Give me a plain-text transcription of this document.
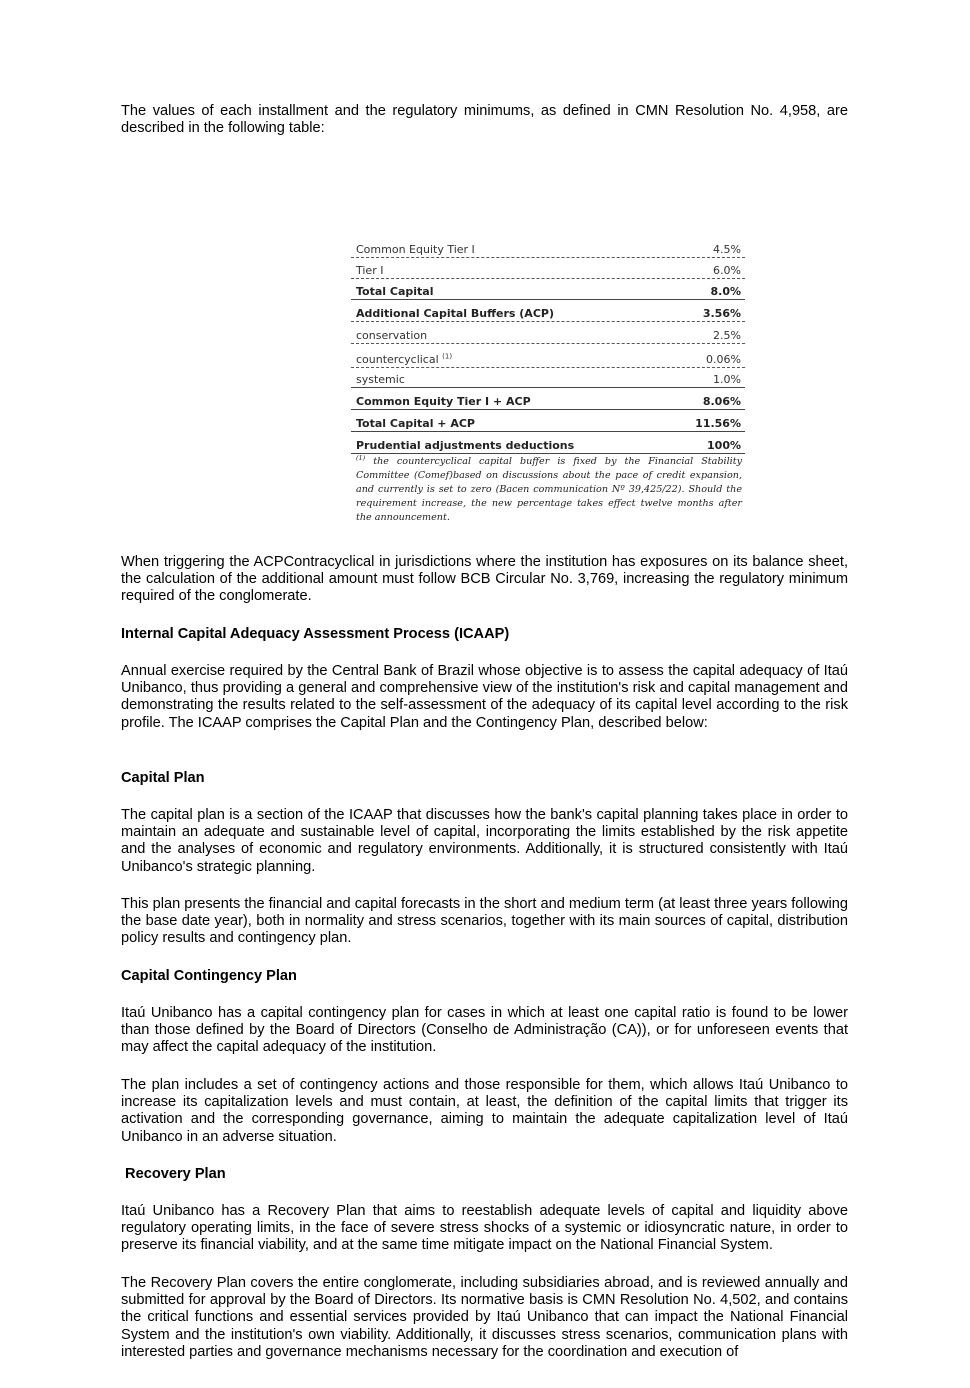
The values of each installment and the regulatory minimums, as defined in CMN Resolution No. 4,958, are described in the following table:

Common Equity Tier I	4.5%
Tier I	6.0%
Total Capital	8.0%
Additional Capital Buffers (ACP)	3.56%
conservation	2.5%
countercyclical $^{(1)}$	0.06%
systemic	1.0%
Common Equity Tier I + ACP	8.06%
Total Capital + ACP	11.56%
Prudential adjustments deductions	100%
$^{(1)}$ the countercyclical capital buffer is fixed by the Financial Stability Committee (Comef)based on discussions about the pace of credit expansion, and currently is set to zero (Bacen communication Nº 39,425/22). Should the requirement increase, the new percentage takes effect twelve months after the announcement.

When triggering the ACPContracyclical in jurisdictions where the institution has exposures on its balance sheet, the calculation of the additional amount must follow BCB Circular No. 3,769, increasing the regulatory minimum required of the conglomerate.

Internal Capital Adequacy Assessment Process (ICAAP)

Annual exercise required by the Central Bank of Brazil whose objective is to assess the capital adequacy of Itaú Unibanco, thus providing a general and comprehensive view of the institution's risk and capital management and demonstrating the results related to the self-assessment of the adequacy of its capital level according to the risk profile. The ICAAP comprises the Capital Plan and the Contingency Plan, described below:

Capital Plan

The capital plan is a section of the ICAAP that discusses how the bank's capital planning takes place in order to maintain an adequate and sustainable level of capital, incorporating the limits established by the risk appetite and the analyses of economic and regulatory environments. Additionally, it is structured consistently with Itaú Unibanco's strategic planning.

This plan presents the financial and capital forecasts in the short and medium term (at least three years following the base date year), both in normality and stress scenarios, together with its main sources of capital, distribution policy results and contingency plan.

Capital Contingency Plan

Itaú Unibanco has a capital contingency plan for cases in which at least one capital ratio is found to be lower than those defined by the Board of Directors (Conselho de Administração (CA)), or for unforeseen events that may affect the capital adequacy of the institution.

The plan includes a set of contingency actions and those responsible for them, which allows Itaú Unibanco to increase its capitalization levels and must contain, at least, the definition of the capital limits that trigger its activation and the corresponding governance, aiming to maintain the adequate capitalization level of Itaú Unibanco in an adverse situation.

Recovery Plan

Itaú Unibanco has a Recovery Plan that aims to reestablish adequate levels of capital and liquidity above regulatory operating limits, in the face of severe stress shocks of a systemic or idiosyncratic nature, in order to preserve its financial viability, and at the same time mitigate impact on the National Financial System.

The Recovery Plan covers the entire conglomerate, including subsidiaries abroad, and is reviewed annually and submitted for approval by the Board of Directors. Its normative basis is CMN Resolution No. 4,502, and contains the critical functions and essential services provided by Itaú Unibanco that can impact the National Financial System and the institution's own viability. Additionally, it discusses stress scenarios, communication plans with interested parties and governance mechanisms necessary for the coordination and execution of
